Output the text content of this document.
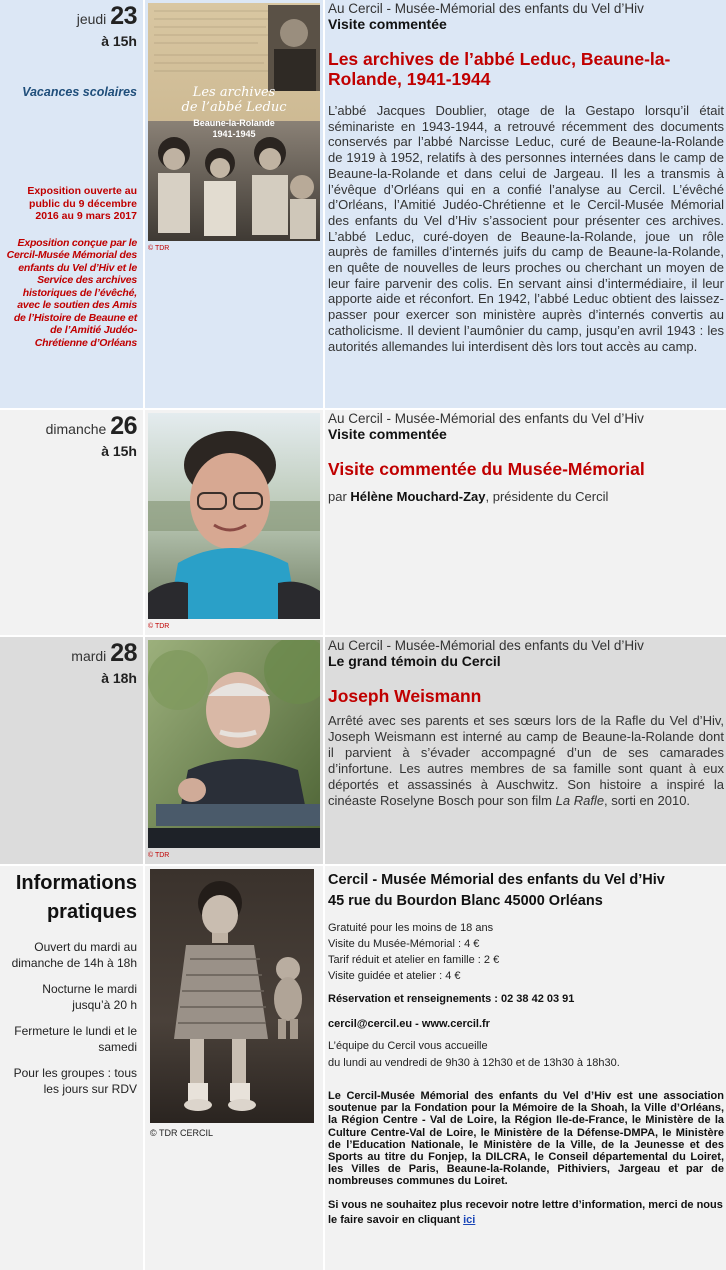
jeudi 23
à 15h
Vacances scolaires
Exposition ouverte au public du 9 décembre 2016 au 9 mars 2017
Exposition conçue par le Cercil-Musée Mémorial des enfants du Vel d’Hiv et le Service des archives historiques de l’évêché, avec le soutien des Amis de l’Histoire de Beaune et de l’Amitié Judéo-Chrétienne d’Orléans
Les archives
de l’abbé Leduc
Beaune-la-Rolande
1941-1945
© TDR
Au Cercil - Musée-Mémorial des enfants du Vel d’Hiv
Visite commentée
Les archives de l’abbé Leduc, Beaune-la-Rolande, 1941-1944
L’abbé Jacques Doublier, otage de la Gestapo lorsqu’il était séminariste en 1943-1944, a retrouvé récemment des documents conservés par l’abbé Narcisse Leduc, curé de Beaune-la-Rolande de 1919 à 1952, relatifs à des personnes internées dans le camp de Beaune-la-Rolande et dans celui de Jargeau. Il les a transmis à l’évêque d’Orléans qui en a confié l’analyse au Cercil. L’évêché d’Orléans, l’Amitié Judéo-Chrétienne et le Cercil-Musée Mémorial des enfants du Vel d’Hiv s’associent pour présenter ces archives. L’abbé Leduc, curé-doyen de Beaune-la-Rolande, joue un rôle auprès de familles d’internés juifs du camp de Beaune-la-Rolande, en quête de nouvelles de leurs proches ou cherchant un moyen de leur faire parvenir des colis. En servant ainsi d’intermédiaire, il leur apporte aide et réconfort. En 1942, l’abbé Leduc obtient des laissez-passer pour exercer son ministère auprès d’internés convertis au catholicisme. Il devient l’aumônier du camp, jusqu’en avril 1943 : les autorités allemandes lui interdisent dès lors tout accès au camp.
dimanche 26
à 15h
© TDR
Au Cercil - Musée-Mémorial des enfants du Vel d’Hiv
Visite commentée
Visite commentée du Musée-Mémorial
par Hélène Mouchard-Zay, présidente du Cercil
mardi 28
à 18h
© TDR
Au Cercil - Musée-Mémorial des enfants du Vel d’Hiv
Le grand témoin du Cercil
Joseph Weismann
Arrêté avec ses parents et ses sœurs lors de la Rafle du Vel d’Hiv, Joseph Weismann est interné au camp de Beaune-la-Rolande dont il parvient à s’évader accompagné d’un de ses camarades d’infortune. Les autres membres de sa famille sont quant à eux déportés et assassinés à Auschwitz. Son histoire a inspiré la cinéaste Roselyne Bosch pour son film La Rafle, sorti en 2010.
Informations
pratiques
Ouvert du mardi au dimanche de 14h à 18h
Nocturne le mardi jusqu’à 20 h
Fermeture le lundi et le samedi
Pour les groupes : tous les jours sur RDV
© TDR CERCIL
Cercil - Musée Mémorial des enfants du Vel d’Hiv
45 rue du Bourdon Blanc 45000 Orléans
Gratuité pour les moins de 18 ans
Visite du Musée-Mémorial : 4 €
Tarif réduit et atelier en famille : 2 €
Visite guidée et atelier : 4 €
Réservation et renseignements : 02 38 42 03 91
cercil@cercil.eu - www.cercil.fr
L’équipe du Cercil vous accueille
du lundi au vendredi de 9h30 à 12h30 et de 13h30 à 18h30.
Le Cercil-Musée Mémorial des enfants du Vel d’Hiv est une association soutenue par la Fondation pour la Mémoire de la Shoah, la Ville d’Orléans, la Région Centre - Val de Loire, la Région Ile-de-France, le Ministère de la Culture Centre-Val de Loire, le Ministère de la Défense-DMPA, le Ministère de l’Education Nationale, le Ministère de la Ville, de la Jeunesse et des Sports au titre du Fonjep, la DILCRA, le Conseil départemental du Loiret, les Villes de Paris, Beaune-la-Rolande, Pithiviers, Jargeau et par de nombreuses communes du Loiret.
Si vous ne souhaitez plus recevoir notre lettre d’information, merci de nous le faire savoir en cliquant ici
